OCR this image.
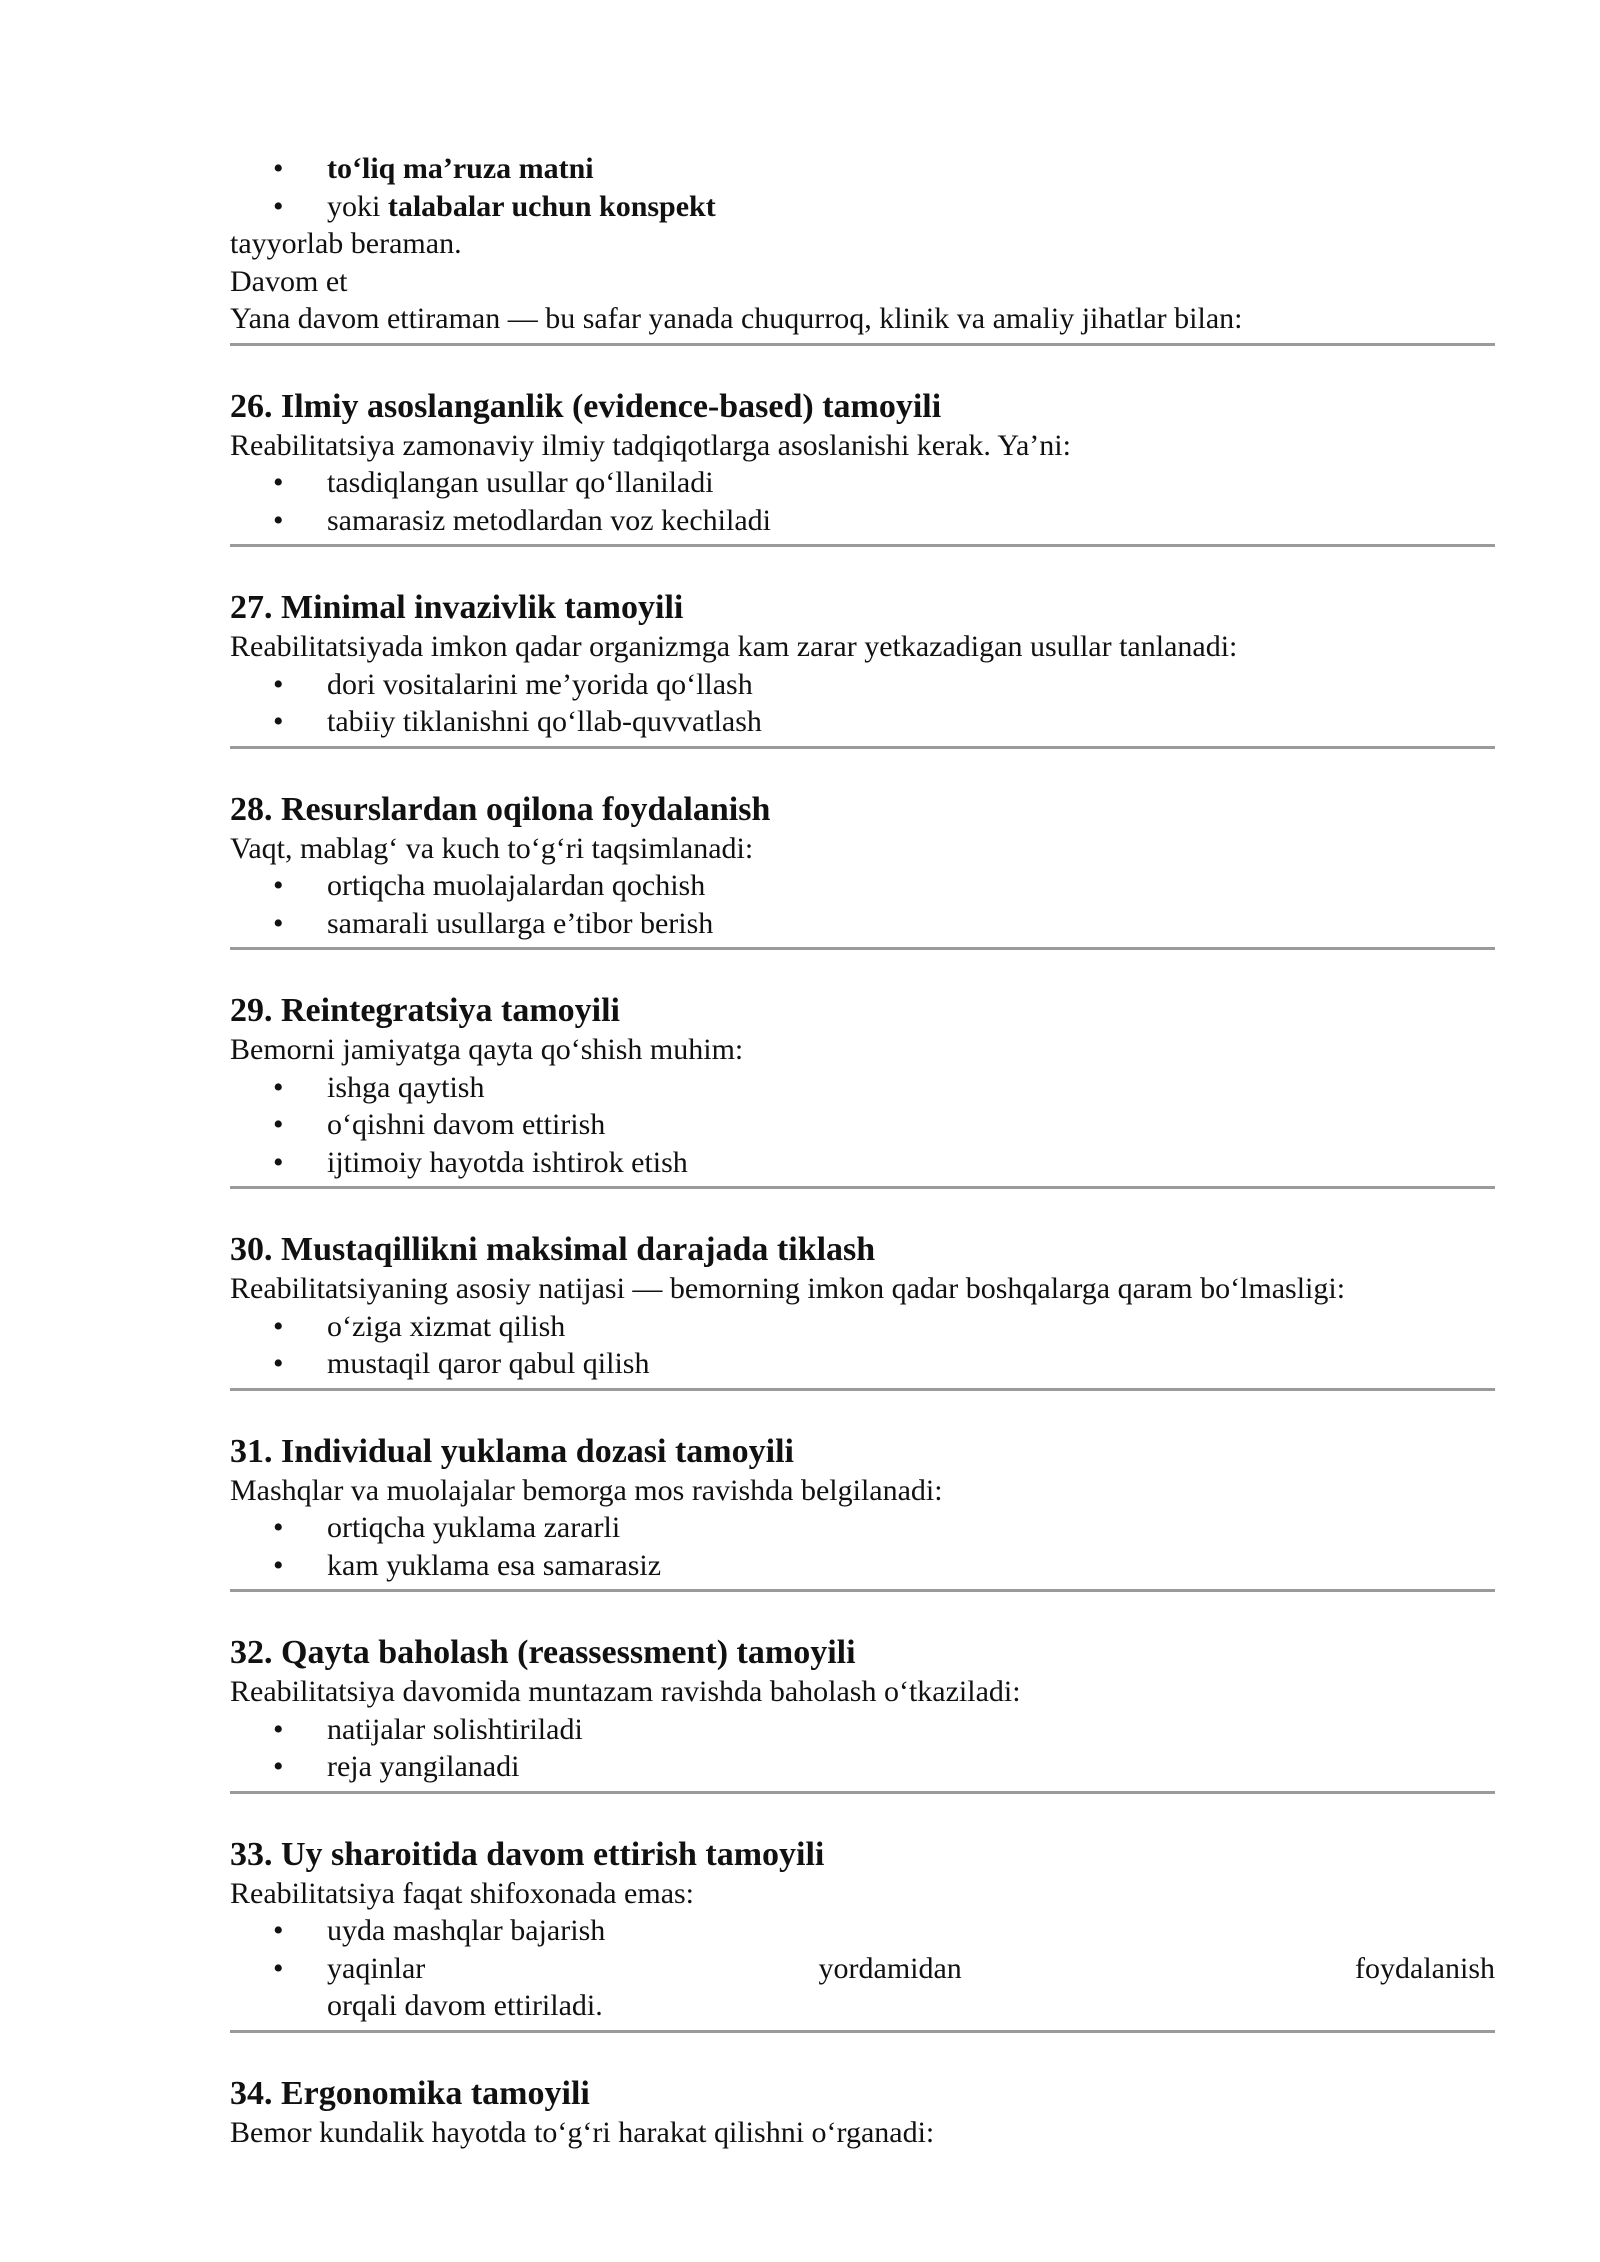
• to‘liq ma’ruza matni
• yoki talabalar uchun konspekt

tayyorlab beraman.

Davom et

Yana davom ettiraman — bu safar yanada chuqurroq, klinik va amaliy jihatlar bilan:

26. Ilmiy asoslanganlik (evidence-based) tamoyili

Reabilitatsiya zamonaviy ilmiy tadqiqotlarga asoslanishi kerak. Ya’ni:

• tasdiqlangan usullar qo‘llaniladi
• samarasiz metodlardan voz kechiladi
27. Minimal invazivlik tamoyili

Reabilitatsiyada imkon qadar organizmga kam zarar yetkazadigan usullar tanlanadi:

• dori vositalarini me’yorida qo‘llash
• tabiiy tiklanishni qo‘llab-quvvatlash
28. Resurslardan oqilona foydalanish

Vaqt, mablag‘ va kuch to‘g‘ri taqsimlanadi:

• ortiqcha muolajalardan qochish
• samarali usullarga e’tibor berish
29. Reintegratsiya tamoyili

Bemorni jamiyatga qayta qo‘shish muhim:

• ishga qaytish
• o‘qishni davom ettirish
• ijtimoiy hayotda ishtirok etish
30. Mustaqillikni maksimal darajada tiklash

Reabilitatsiyaning asosiy natijasi — bemorning imkon qadar boshqalarga qaram bo‘lmasligi:

• o‘ziga xizmat qilish
• mustaqil qaror qabul qilish
31. Individual yuklama dozasi tamoyili

Mashqlar va muolajalar bemorga mos ravishda belgilanadi:

• ortiqcha yuklama zararli
• kam yuklama esa samarasiz
32. Qayta baholash (reassessment) tamoyili

Reabilitatsiya davomida muntazam ravishda baholash o‘tkaziladi:

• natijalar solishtiriladi
• reja yangilanadi
33. Uy sharoitida davom ettirish tamoyili

Reabilitatsiya faqat shifoxonada emas:

• uyda mashqlar bajarish
• yaqinlar	yordamidan	foydalanish
orqali davom ettiriladi.
34. Ergonomika tamoyili

Bemor kundalik hayotda to‘g‘ri harakat qilishni o‘rganadi:
